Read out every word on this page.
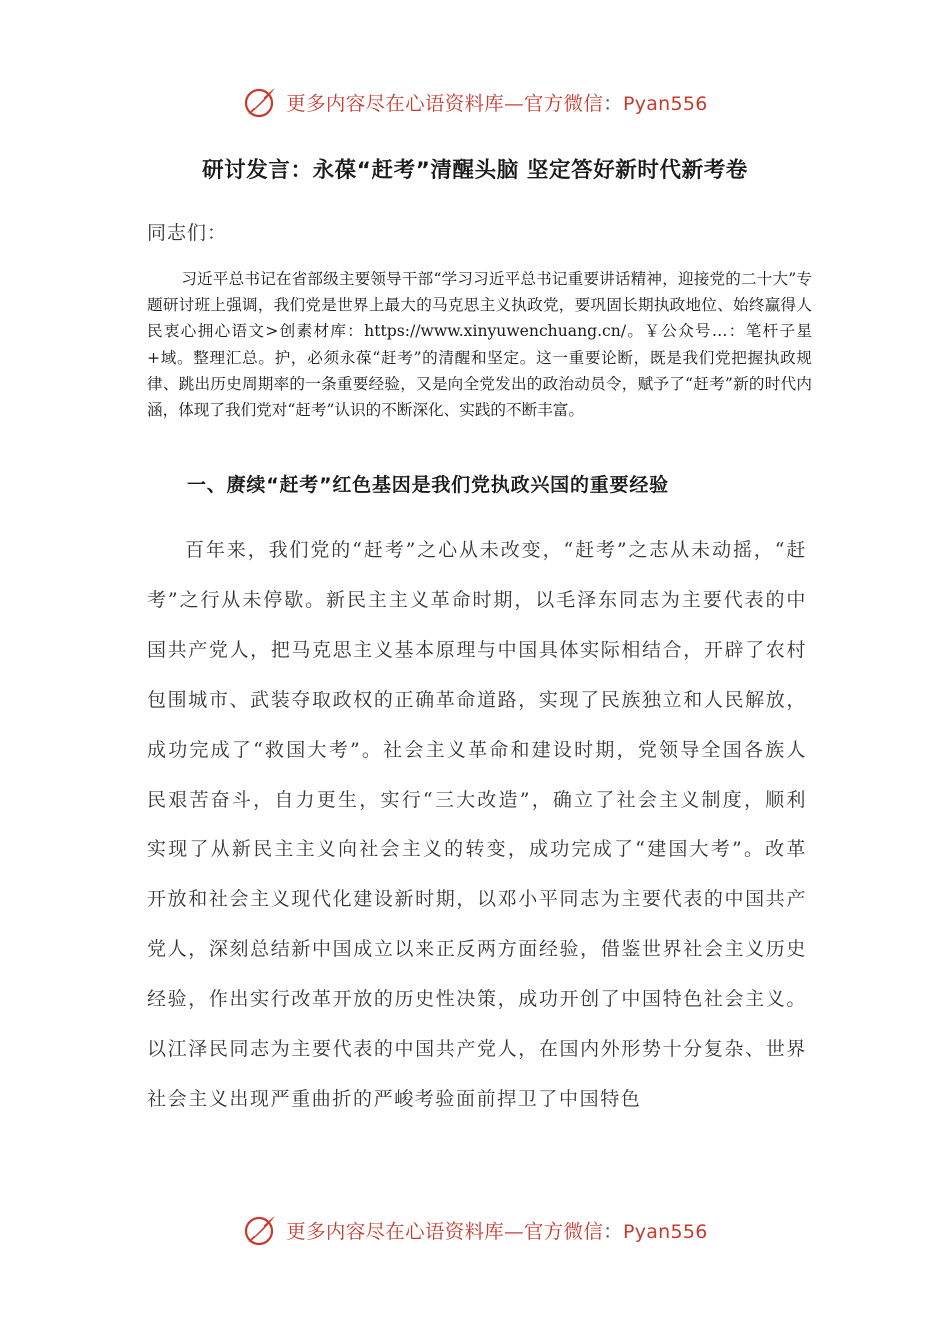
更多内容尽在心语资料库—官方微信：Pyan556
研讨发言：永葆“赶考”清醒头脑 坚定答好新时代新考卷
同志们：

习近平总书记在省部级主要领导干部“学习习近平总书记重要讲话精神，迎接党的二十大”专题研讨班上强调，我们党是世界上最大的马克思主义执政党，要巩固长期执政地位、始终赢得人民衷心拥心语文>创素材库：https://www.xinyuwenchuang.cn/。￥公众号…：笔杆子星+域。整理汇总。护，必须永葆“赶考”的清醒和坚定。这一重要论断，既是我们党把握执政规律、跳出历史周期率的一条重要经验，又是向全党发出的政治动员令，赋予了“赶考”新的时代内涵，体现了我们党对“赶考”认识的不断深化、实践的不断丰富。

一、赓续“赶考”红色基因是我们党执政兴国的重要经验

百年来，我们党的“赶考”之心从未改变，“赶考”之志从未动摇，“赶考”之行从未停歇。新民主主义革命时期，以毛泽东同志为主要代表的中国共产党人，把马克思主义基本原理与中国具体实际相结合，开辟了农村包围城市、武装夺取政权的正确革命道路，实现了民族独立和人民解放，成功完成了“救国大考”。社会主义革命和建设时期，党领导全国各族人民艰苦奋斗，自力更生，实行“三大改造”，确立了社会主义制度，顺利实现了从新民主主义向社会主义的转变，成功完成了“建国大考”。改革开放和社会主义现代化建设新时期，以邓小平同志为主要代表的中国共产党人，深刻总结新中国成立以来正反两方面经验，借鉴世界社会主义历史经验，作出实行改革开放的历史性决策，成功开创了中国特色社会主义。以江泽民同志为主要代表的中国共产党人，在国内外形势十分复杂、世界社会主义出现严重曲折的严峻考验面前捍卫了中国特色

更多内容尽在心语资料库—官方微信：Pyan556
